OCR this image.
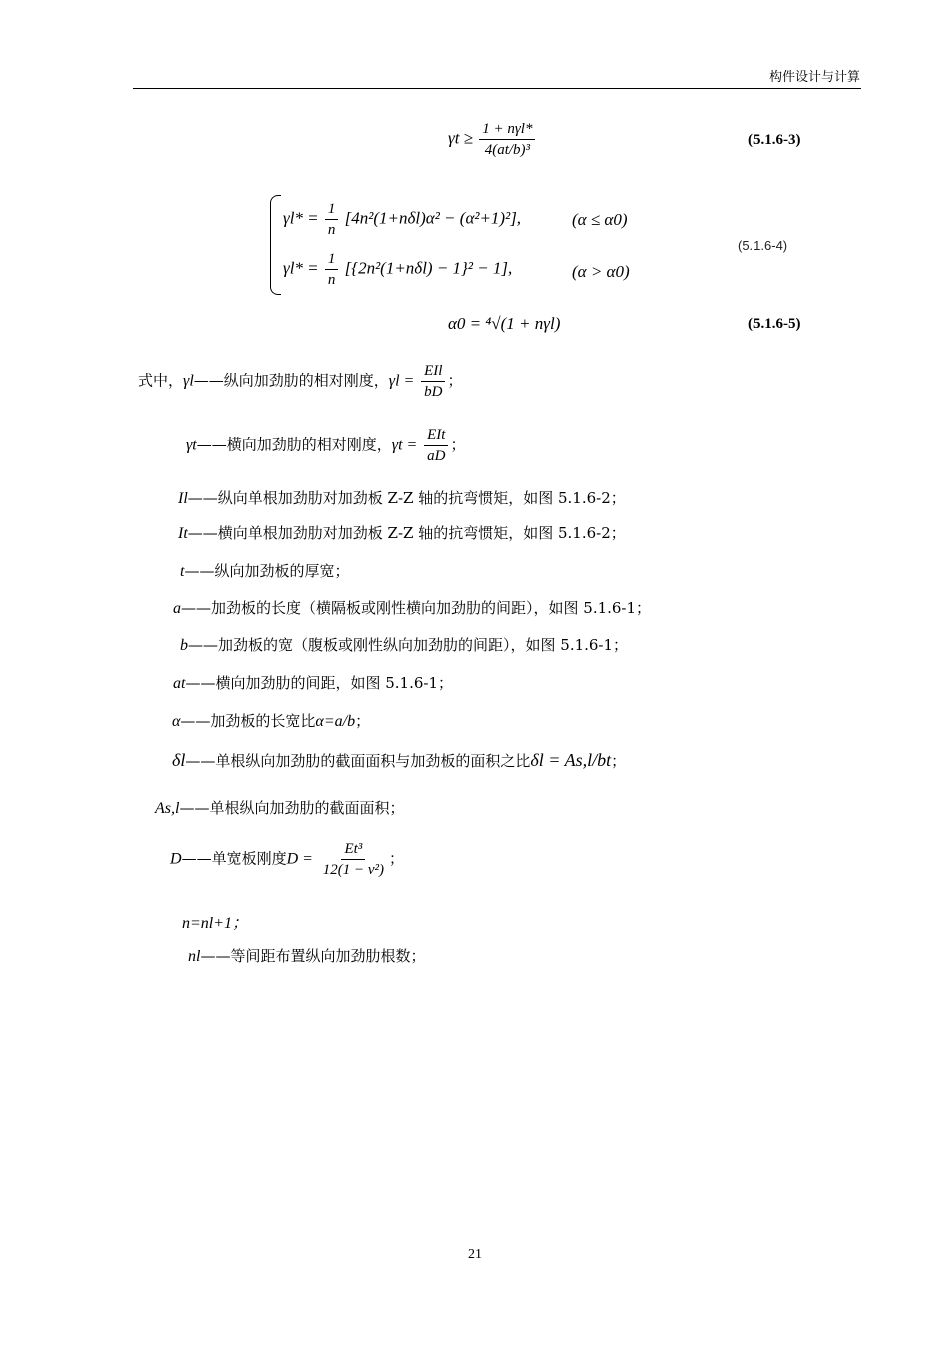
构件设计与计算
$\gamma t \ge \frac{\text{1 + nγl*}}{\text{4(at/b)³}}$	(5.1.6-3)
$\gamma l* = \frac{1}{n} [4n^2(1+n\delta l)\alpha^2 - (\alpha^2+1)^2]$,	(α ≤ α0)
$\gamma l* = \frac{1}{n} [\{2n^2(1+n\delta l) - 1\}^2 - 1]$,	(α > α0)
(5.1.6-4)
α0 = ⁴√(1 + nγl)	(5.1.6-5)
式中，γl——纵向加劲肋的相对刚度，$\gamma l = \frac{\text{EIl}}{bD}$ ；
γt——横向加劲肋的相对刚度，$\gamma t = \frac{\text{EIt}}{aD}$ ；
Il——纵向单根加劲肋对加劲板 Z-Z 轴的抗弯惯矩，如图 5.1.6-2；
It——横向单根加劲肋对加劲板 Z-Z 轴的抗弯惯矩，如图 5.1.6-2；
t——纵向加劲板的厚宽；
a——加劲板的长度（横隔板或刚性横向加劲肋的间距），如图 5.1.6-1；
b——加劲板的宽（腹板或刚性纵向加劲肋的间距），如图 5.1.6-1；
at——横向加劲肋的间距，如图 5.1.6-1；
α——加劲板的长宽比α=a/b；
δl——单根纵向加劲肋的截面面积与加劲板的面积之比δl = As,l/bt；
As,l——单根纵向加劲肋的截面面积；
D——单宽板刚度$D = \frac{\text{Et³}}{\text{12(1 − v²)}}$ ；
n=nl+1；
nl——等间距布置纵向加劲肋根数；
21
